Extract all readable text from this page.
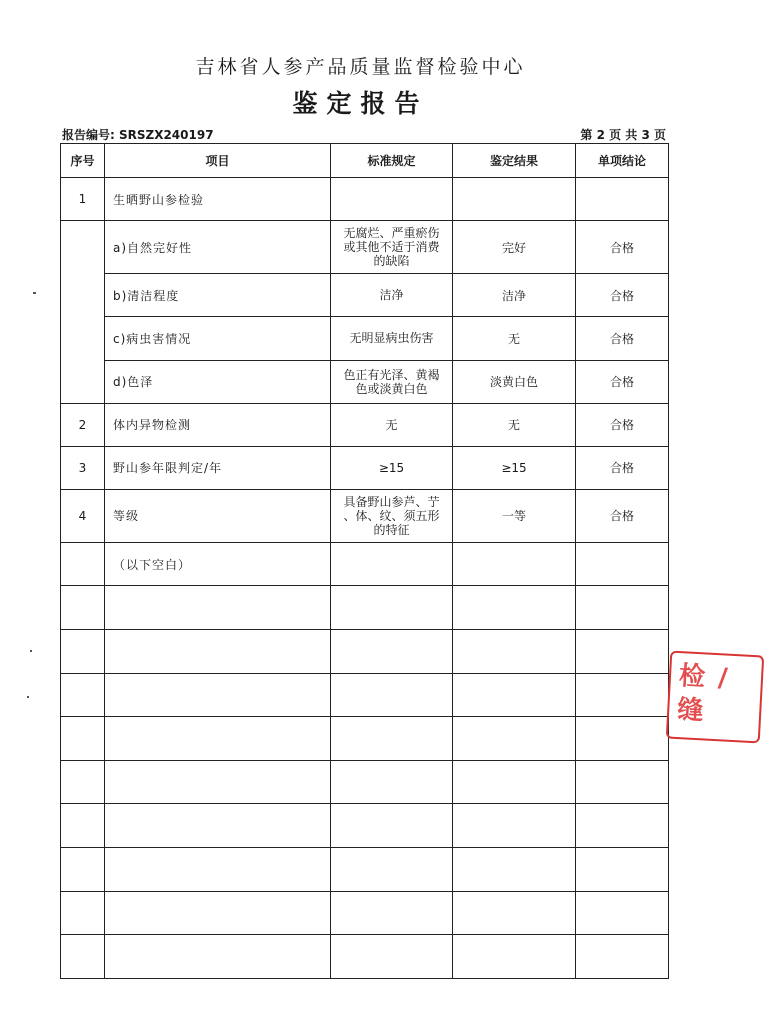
吉林省人参产品质量监督检验中心
鉴定报告
报告编号: SRSZX240197	第 2 页 共 3 页
序号	项目	标准规定	鉴定结果	单项结论
1	生晒野山参检验			
	a)自然完好性	无腐烂、严重瘀伤
或其他不适于消费
的缺陷	完好	合格
	b)清洁程度	洁净	洁净	合格
	c)病虫害情况	无明显病虫伤害	无	合格
	d)色泽	色正有光泽、黄褐
色或淡黄白色	淡黄白色	合格
2	体内异物检测	无	无	合格
3	野山参年限判定/年	≥15	≥15	合格
4	等级	具备野山参芦、艼
、体、纹、须五形
的特征	一等	合格
	（以下空白）			

检 ∕
缝
